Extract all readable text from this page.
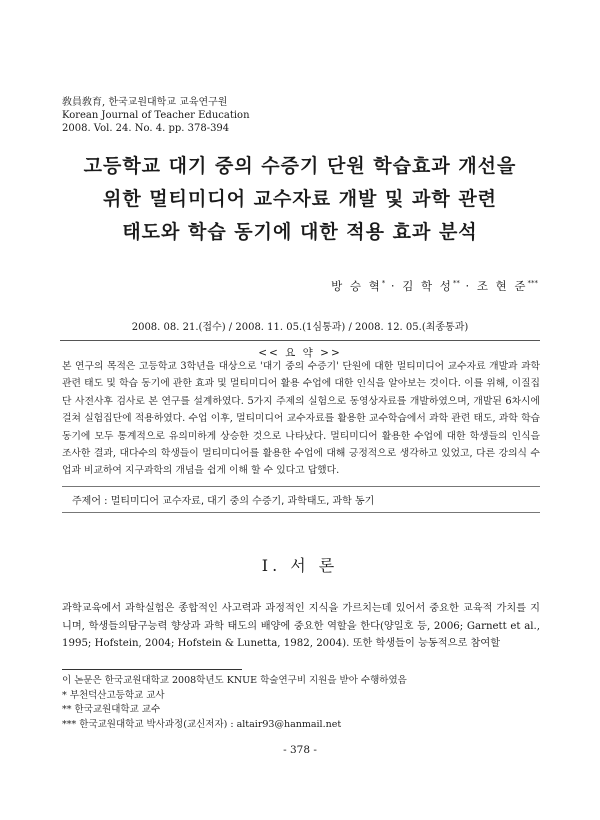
敎員敎育, 한국교원대학교 교육연구원
Korean Journal of Teacher Education
2008. Vol. 24. No. 4. pp. 378-394
고등학교 대기 중의 수증기 단원 학습효과 개선을
위한 멀티미디어 교수자료 개발 및 과학 관련
태도와 학습 동기에 대한 적용 효과 분석
방 승 혁* · 김 학 성** · 조 현 준***
2008. 08. 21.(접수) / 2008. 11. 05.(1심통과) / 2008. 12. 05.(최종통과)
<< 요 약 >>
본 연구의 목적은 고등학교 3학년을 대상으로 '대기 중의 수증기' 단원에 대한 멀티미디어 교수자료 개발과 과학 관련 태도 및 학습 동기에 관한 효과 및 멀티미디어 활용 수업에 대한 인식을 알아보는 것이다. 이를 위해, 이질집단 사전사후 검사로 본 연구를 설계하였다. 5가지 주제의 실험으로 동영상자료를 개발하였으며, 개발된 6차시에 걸쳐 실험집단에 적용하였다. 수업 이후, 멀티미디어 교수자료를 활용한 교수학습에서 과학 관련 태도, 과학 학습 동기에 모두 통계적으로 유의미하게 상승한 것으로 나타났다. 멀티미디어 활용한 수업에 대한 학생들의 인식을 조사한 결과, 대다수의 학생들이 멀티미디어를 활용한 수업에 대해 긍정적으로 생각하고 있었고, 다른 강의식 수업과 비교하여 지구과학의 개념을 쉽게 이해 할 수 있다고 답했다.
주제어 : 멀티미디어 교수자료, 대기 중의 수증기, 과학태도, 과학 동기
Ⅰ. 서 론
과학교육에서 과학실험은 종합적인 사고력과 과정적인 지식을 가르치는데 있어서 중요한 교육적 가치를 지니며, 학생들의탐구능력 향상과 과학 태도의 배양에 중요한 역할을 한다(양일호 등, 2006; Garnett et al., 1995; Hofstein, 2004; Hofstein & Lunetta, 1982, 2004). 또한 학생들이 능동적으로 참여할
이 논문은 한국교원대학교 2008학년도 KNUE 학술연구비 지원을 받아 수행하였음
* 부천덕산고등학교 교사
** 한국교원대학교 교수
*** 한국교원대학교 박사과정(교신저자) : altair93@hanmail.net
- 378 -
